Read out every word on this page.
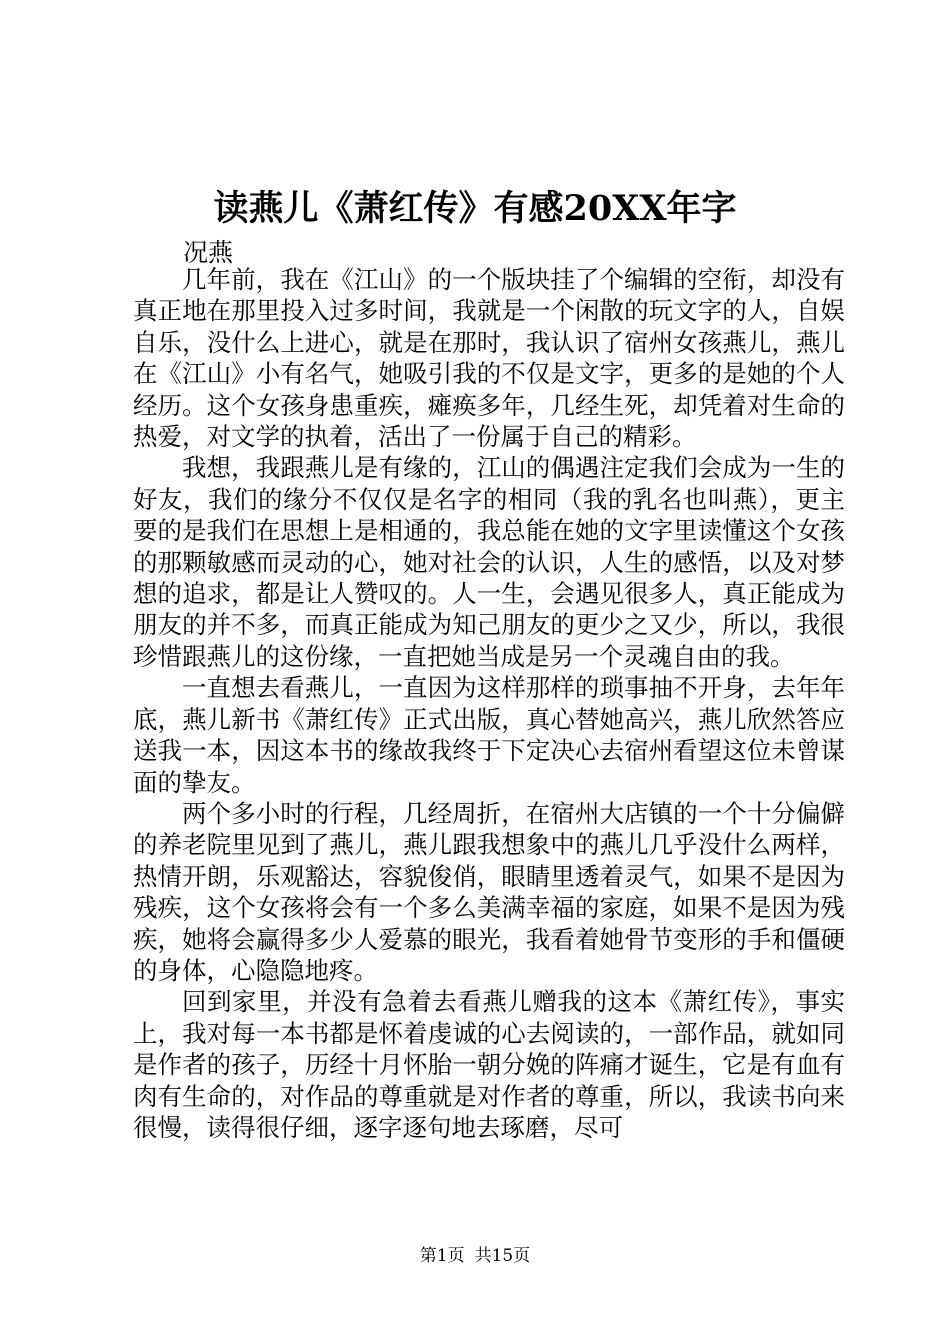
读燕儿《萧红传》有感20XX年字

况燕

几年前，我在《江山》的一个版块挂了个编辑的空衔，却没有真正地在那里投入过多时间，我就是一个闲散的玩文字的人，自娱自乐，没什么上进心，就是在那时，我认识了宿州女孩燕儿，燕儿在《江山》小有名气，她吸引我的不仅是文字，更多的是她的个人经历。这个女孩身患重疾，瘫痪多年，几经生死，却凭着对生命的热爱，对文学的执着，活出了一份属于自己的精彩。

我想，我跟燕儿是有缘的，江山的偶遇注定我们会成为一生的好友，我们的缘分不仅仅是名字的相同（我的乳名也叫燕），更主要的是我们在思想上是相通的，我总能在她的文字里读懂这个女孩的那颗敏感而灵动的心，她对社会的认识，人生的感悟，以及对梦想的追求，都是让人赞叹的。人一生，会遇见很多人，真正能成为朋友的并不多，而真正能成为知己朋友的更少之又少，所以，我很珍惜跟燕儿的这份缘，一直把她当成是另一个灵魂自由的我。

一直想去看燕儿，一直因为这样那样的琐事抽不开身，去年年底，燕儿新书《萧红传》正式出版，真心替她高兴，燕儿欣然答应送我一本，因这本书的缘故我终于下定决心去宿州看望这位未曾谋面的挚友。

两个多小时的行程，几经周折，在宿州大店镇的一个十分偏僻的养老院里见到了燕儿，燕儿跟我想象中的燕儿几乎没什么两样，热情开朗，乐观豁达，容貌俊俏，眼睛里透着灵气，如果不是因为残疾，这个女孩将会有一个多么美满幸福的家庭，如果不是因为残疾，她将会赢得多少人爱慕的眼光，我看着她骨节变形的手和僵硬的身体，心隐隐地疼。

回到家里，并没有急着去看燕儿赠我的这本《萧红传》，事实上，我对每一本书都是怀着虔诚的心去阅读的，一部作品，就如同是作者的孩子，历经十月怀胎一朝分娩的阵痛才诞生，它是有血有肉有生命的，对作品的尊重就是对作者的尊重，所以，我读书向来很慢，读得很仔细，逐字逐句地去琢磨，尽可

第1页 共15页
